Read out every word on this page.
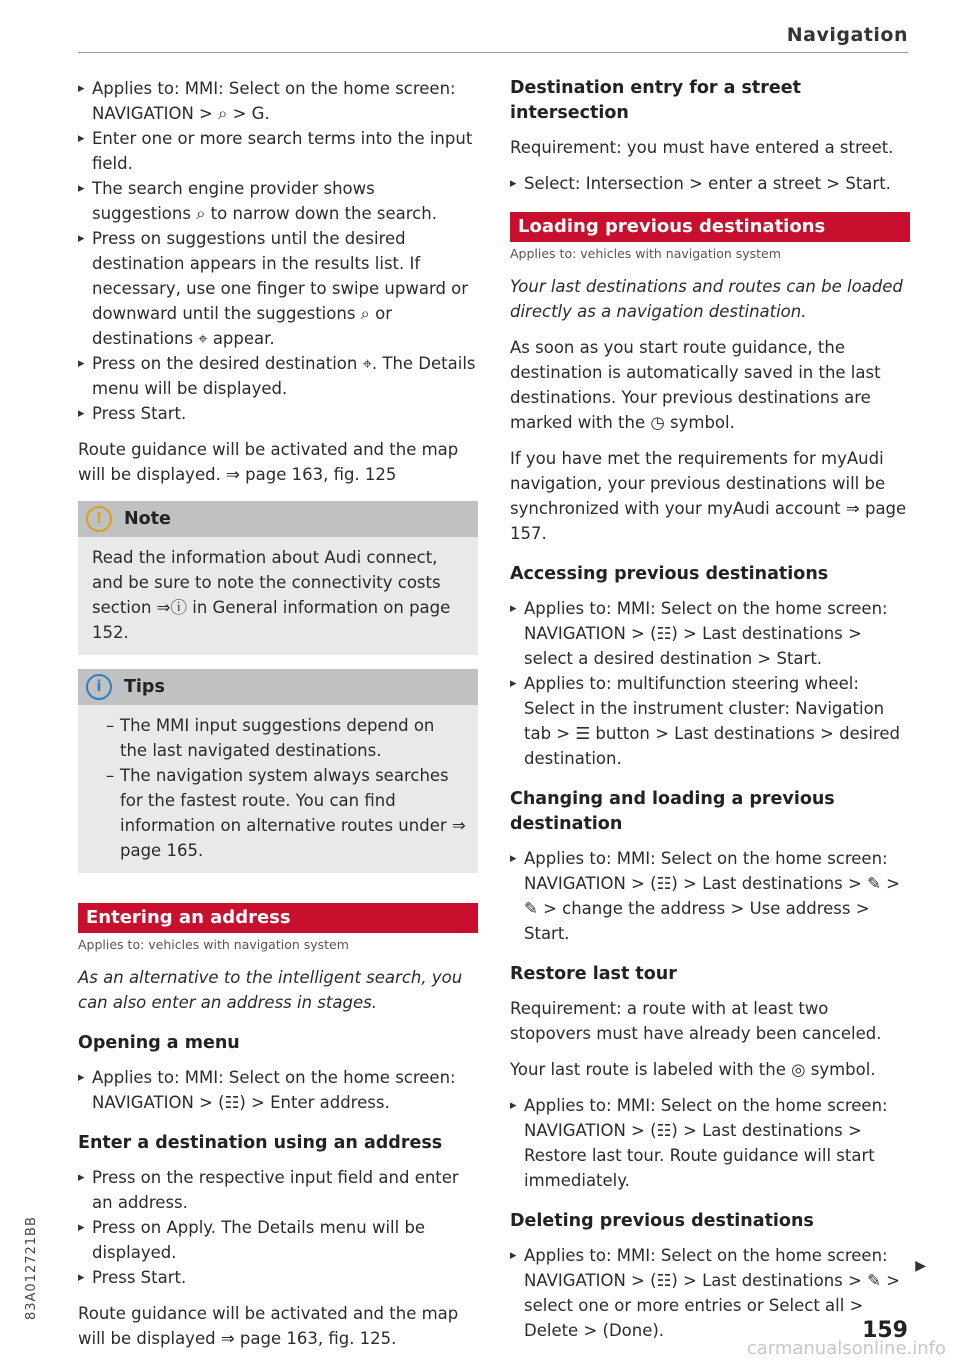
Navigation
83A012721BB
▸ Applies to: MMI: Select on the home screen: NAVIGATION > ⌕ > G.
▸ Enter one or more search terms into the input field.
▸ The search engine provider shows suggestions ⌕ to narrow down the search.
▸ Press on suggestions until the desired destination appears in the results list. If necessary, use one finger to swipe upward or downward until the suggestions ⌕ or destinations ⌖ appear.
▸ Press on the desired destination ⌖. The Details menu will be displayed.
▸ Press Start.

Route guidance will be activated and the map will be displayed. ⇒ page 163, fig. 125

!	Note
Read the information about Audi connect, and be sure to note the connectivity costs section ⇒ⓘ in General information on page 152.
i	Tips
– The MMI input suggestions depend on the last navigated destinations.
– The navigation system always searches for the fastest route. You can find information on alternative routes under ⇒ page 165.
Entering an address
Applies to: vehicles with navigation system

As an alternative to the intelligent search, you can also enter an address in stages.

Opening a menu
▸ Applies to: MMI: Select on the home screen: NAVIGATION > (☷) > Enter address.
Enter a destination using an address
▸ Press on the respective input field and enter an address.
▸ Press on Apply. The Details menu will be displayed.
▸ Press Start.

Route guidance will be activated and the map will be displayed ⇒ page 163, fig. 125.

Destination entry for a street intersection

Requirement: you must have entered a street.

▸ Select: Intersection > enter a street > Start.
Loading previous destinations
Applies to: vehicles with navigation system

Your last destinations and routes can be loaded directly as a navigation destination.

As soon as you start route guidance, the destination is automatically saved in the last destinations. Your previous destinations are marked with the ◷ symbol.

If you have met the requirements for myAudi navigation, your previous destinations will be synchronized with your myAudi account ⇒ page 157.

Accessing previous destinations
▸ Applies to: MMI: Select on the home screen: NAVIGATION > (☷) > Last destinations > select a desired destination > Start.
▸ Applies to: multifunction steering wheel: Select in the instrument cluster: Navigation tab > ☰ button > Last destinations > desired destination.
Changing and loading a previous destination
▸ Applies to: MMI: Select on the home screen: NAVIGATION > (☷) > Last destinations > ✎ > ✎ > change the address > Use address > Start.
Restore last tour

Requirement: a route with at least two stopovers must have already been canceled.

Your last route is labeled with the ◎ symbol.

▸ Applies to: MMI: Select on the home screen: NAVIGATION > (☷) > Last destinations > Restore last tour. Route guidance will start immediately.
Deleting previous destinations
▸ Applies to: MMI: Select on the home screen: NAVIGATION > (☷) > Last destinations > ✎ > select one or more entries or Select all > Delete > (Done).
▶
159
carmanualsonline.info
